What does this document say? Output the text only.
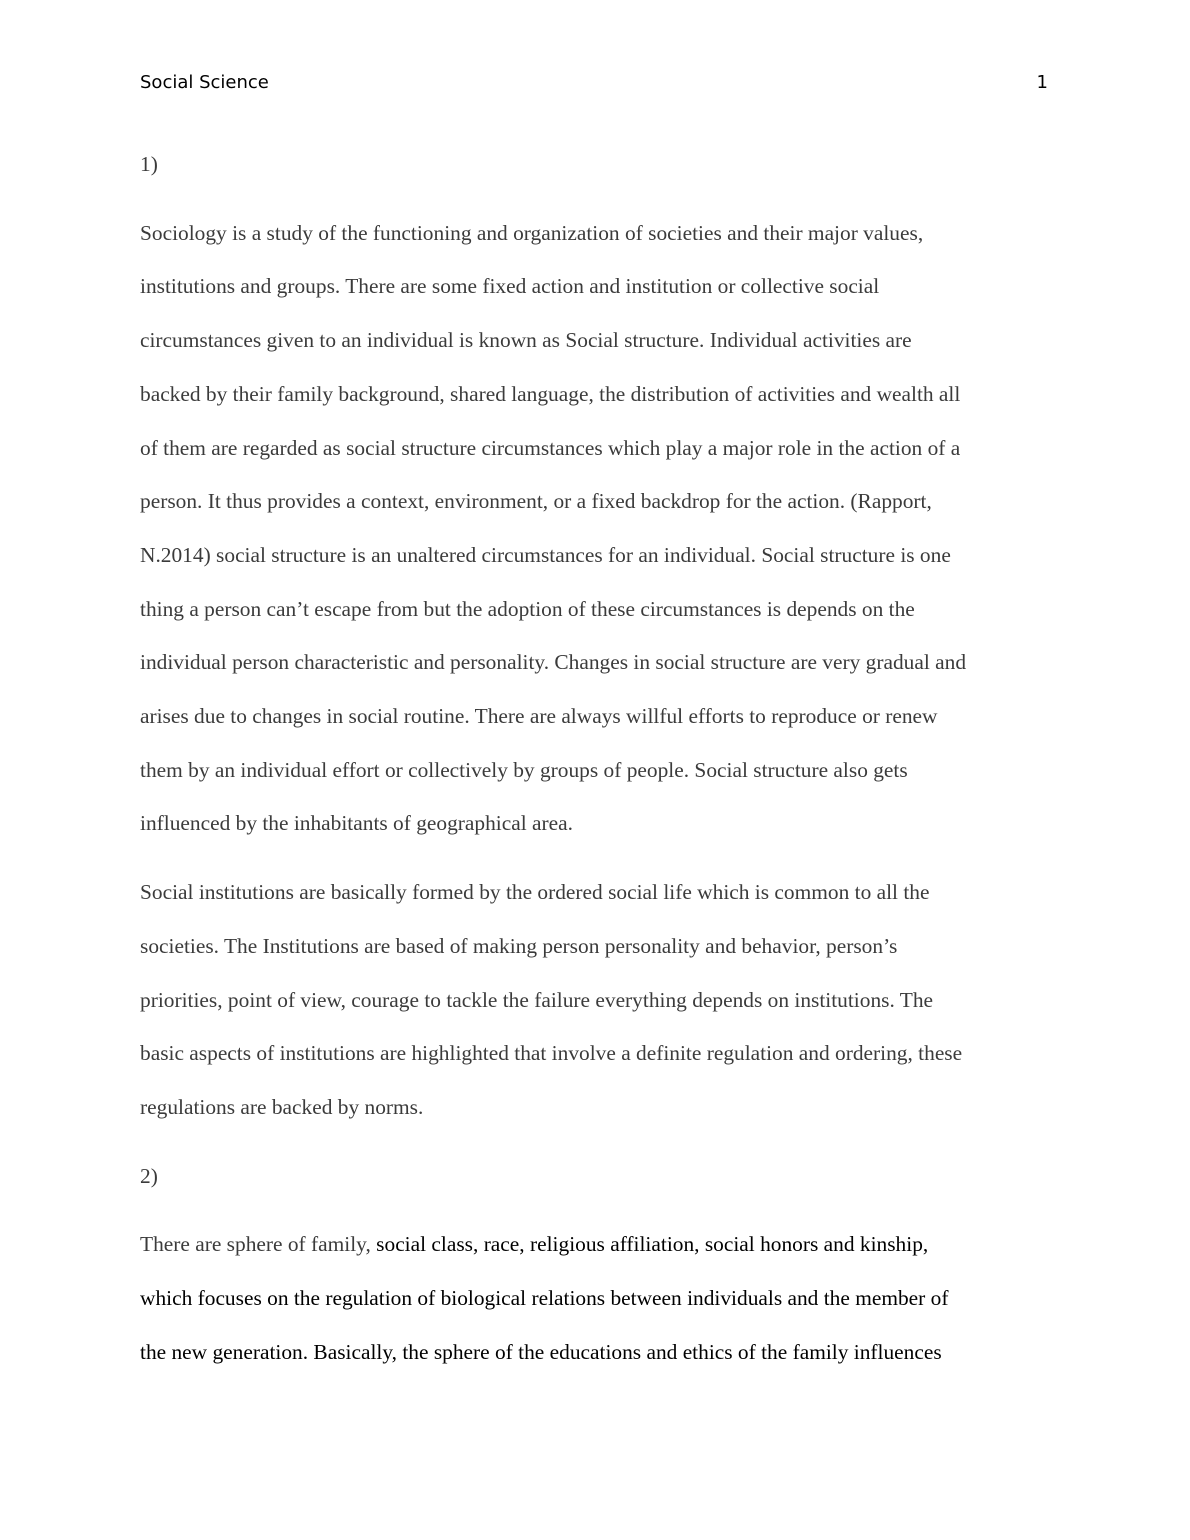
Social Science	1

1)

Sociology is a study of the functioning and organization of societies and their major values,
institutions and groups. There are some fixed action and institution or collective social
circumstances given to an individual is known as Social structure. Individual activities are
backed by their family background, shared language, the distribution of activities and wealth all
of them are regarded as social structure circumstances which play a major role in the action of a
person. It thus provides a context, environment, or a fixed backdrop for the action. (Rapport,
N.2014) social structure is an unaltered circumstances for an individual. Social structure is one
thing a person can’t escape from but the adoption of these circumstances is depends on the
individual person characteristic and personality. Changes in social structure are very gradual and
arises due to changes in social routine. There are always willful efforts to reproduce or renew
them by an individual effort or collectively by groups of people. Social structure also gets
influenced by the inhabitants of geographical area.

Social institutions are basically formed by the ordered social life which is common to all the
societies. The Institutions are based of making person personality and behavior, person’s
priorities, point of view, courage to tackle the failure everything depends on institutions. The
basic aspects of institutions are highlighted that involve a definite regulation and ordering, these
regulations are backed by norms.

2)

There are sphere of family, social class, race, religious affiliation, social honors and kinship,
which focuses on the regulation of biological relations between individuals and the member of
the new generation. Basically, the sphere of the educations and ethics of the family influences
